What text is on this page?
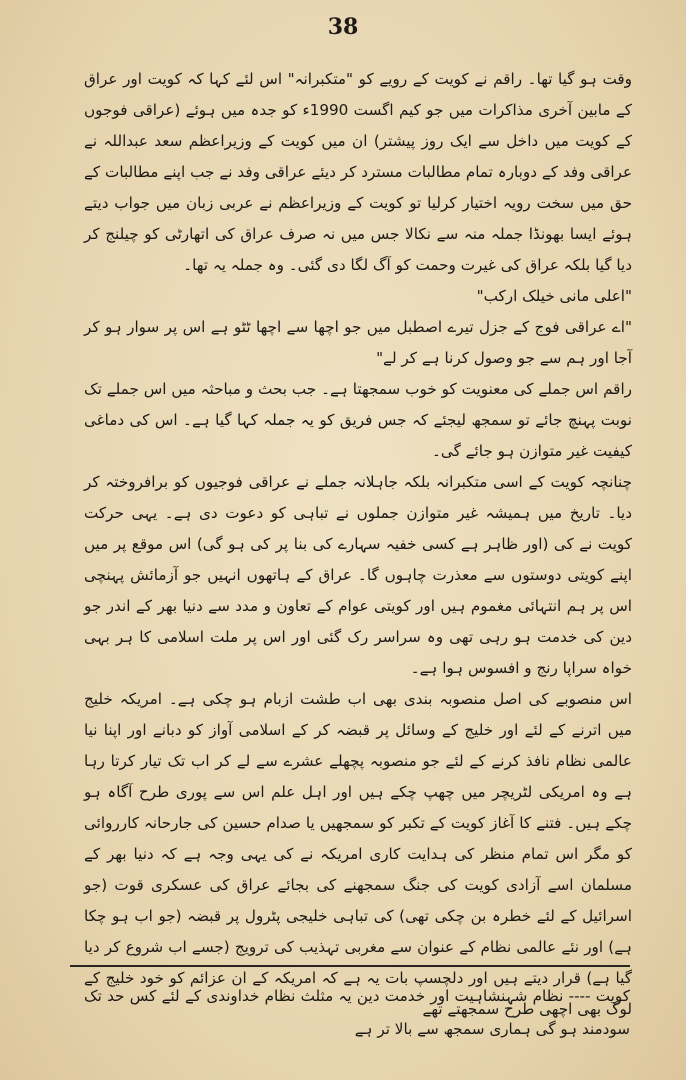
38

وقت ہو گیا تھا۔ راقم نے کویت کے رویے کو "متکبرانہ" اس لئے کہا کہ کویت اور عراق کے مابین آخری مذاکرات میں جو کیم اگست 1990ء کو جدہ میں ہوئے (عراقی فوجوں کے کویت میں داخل سے ایک روز پیشتر) ان میں کویت کے وزیراعظم سعد عبداللہ نے عراقی وفد کے دوبارہ تمام مطالبات مسترد کر دیئے عراقی وفد نے جب اپنے مطالبات کے حق میں سخت رویہ اختیار کرلیا تو کویت کے وزیراعظم نے عربی زبان میں جواب دیتے ہوئے ایسا بھونڈا جملہ منہ سے نکالا جس میں نہ صرف عراق کی اتھارٹی کو چیلنج کر دیا گیا بلکہ عراق کی غیرت وحمت کو آگ لگا دی گئی۔ وہ جملہ یہ تھا۔

"اعلی مانی خیلک ارکب"

"اے عراقی فوج کے جزل تیرے اصطبل میں جو اچھا سے اچھا ٹٹو ہے اس پر سوار ہو کر آجا اور ہم سے جو وصول کرنا ہے کر لے"

راقم اس جملے کی معنویت کو خوب سمجھتا ہے۔ جب بحث و مباحثہ میں اس جملے تک نوبت پہنچ جائے تو سمجھ لیجئے کہ جس فریق کو یہ جملہ کہا گیا ہے۔ اس کی دماغی کیفیت غیر متوازن ہو جائے گی۔

چنانچہ کویت کے اسی متکبرانہ بلکہ جاہلانہ جملے نے عراقی فوجیوں کو برافروختہ کر دیا۔ تاریخ میں ہمیشہ غیر متوازن جملوں نے تباہی کو دعوت دی ہے۔ یہی حرکت کویت نے کی (اور ظاہر ہے کسی خفیہ سہارے کی بنا پر کی ہو گی) اس موقع پر میں اپنے کویتی دوستوں سے معذرت چاہوں گا۔ عراق کے ہاتھوں انہیں جو آزمائش پہنچی اس پر ہم انتہائی مغموم ہیں اور کویتی عوام کے تعاون و مدد سے دنیا بھر کے اندر جو دین کی خدمت ہو رہی تھی وہ سراسر رک گئی اور اس پر ملت اسلامی کا ہر بہی خواہ سراپا رنج و افسوس ہوا ہے۔

اس منصوبے کی اصل منصوبہ بندی بھی اب طشت ازبام ہو چکی ہے۔ امریکہ خلیج میں اترنے کے لئے اور خلیج کے وسائل پر قبضہ کر کے اسلامی آواز کو دبانے اور اپنا نیا عالمی نظام نافذ کرنے کے لئے جو منصوبہ پچھلے عشرے سے لے کر اب تک تیار کرتا رہا ہے وہ امریکی لٹریچر میں چھپ چکے ہیں اور اہل علم اس سے پوری طرح آگاہ ہو چکے ہیں۔ فتنے کا آغاز کویت کے تکبر کو سمجھیں یا صدام حسین کی جارحانہ کارروائی کو مگر اس تمام منظر کی ہدایت کاری امریکہ نے کی یہی وجہ ہے کہ دنیا بھر کے مسلمان اسے آزادی کویت کی جنگ سمجھنے کی بجائے عراق کی عسکری قوت (جو اسرائیل کے لئے خطرہ بن چکی تھی) کی تباہی خلیجی پٹرول پر قبضہ (جو اب ہو چکا ہے) اور نئے عالمی نظام کے عنوان سے مغربی تہذیب کی ترویج (جسے اب شروع کر دیا گیا ہے) قرار دیتے ہیں اور دلچسپ بات یہ ہے کہ امریکہ کے ان عزائم کو خود خلیج کے لوگ بھی اچھی طرح سمجھتے تھے

کویت ---- نظام شہنشاہیت اور خدمت دین یہ مثلث نظام خداوندی کے لئے کس حد تک سودمند ہو گی ہماری سمجھ سے بالا تر ہے
